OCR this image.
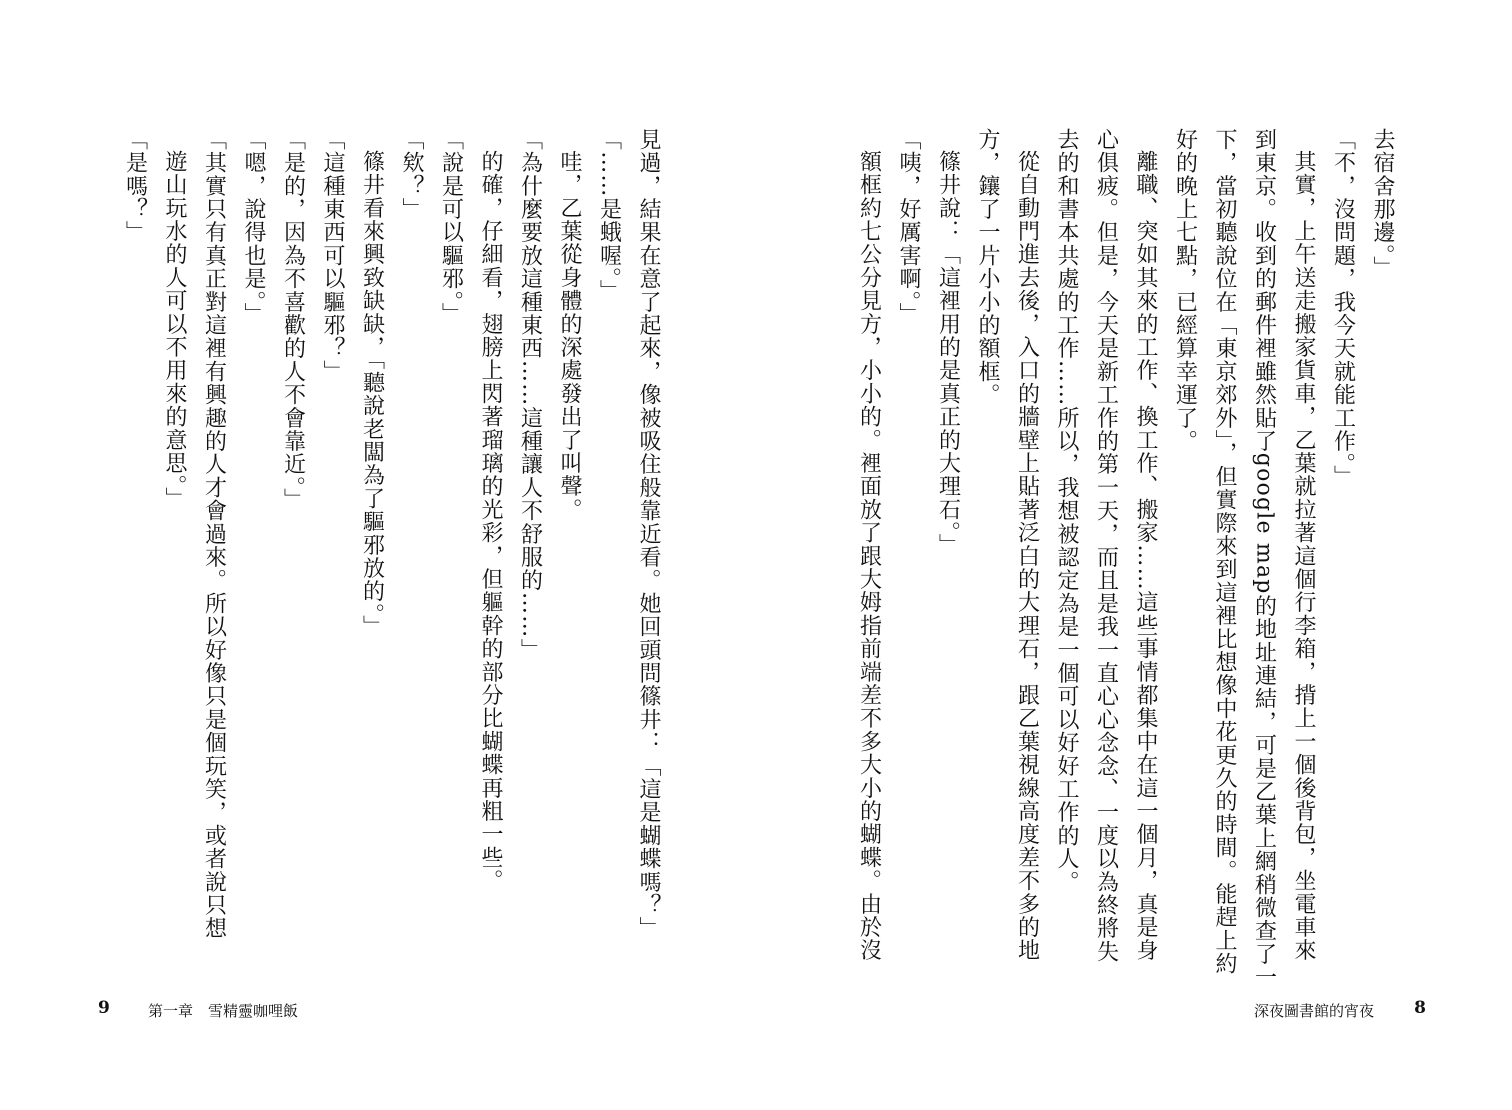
去宿舍那邊。」
「不，沒問題，我今天就能工作。」
其實，上午送走搬家貨車，乙葉就拉著這個行李箱，揹上一個後背包，坐電車來
到東京。收到的郵件裡雖然貼了google map的地址連結，可是乙葉上網稍微查了一
下，當初聽說位在「東京郊外」，但實際來到這裡比想像中花更久的時間。能趕上約
好的晚上七點，已經算幸運了。
離職、突如其來的工作、換工作、搬家……這些事情都集中在這一個月，真是身
心俱疲。但是，今天是新工作的第一天，而且是我一直心心念念、一度以為終將失
去的和書本共處的工作……所以，我想被認定為是一個可以好好工作的人。
從自動門進去後，入口的牆壁上貼著泛白的大理石，跟乙葉視線高度差不多的地
方，鑲了一片小小的額框。
篠井說：「這裡用的是真正的大理石。」
「咦，好厲害啊。」
額框約七公分見方，小小的。裡面放了跟大姆指前端差不多大小的蝴蝶。由於沒
深夜圖書館的宵夜 8
見過，結果在意了起來，像被吸住般靠近看。她回頭問篠井：「這是蝴蝶嗎？」
「……是蛾喔。」
哇，乙葉從身體的深處發出了叫聲。
「為什麼要放這種東西……這種讓人不舒服的……」
的確，仔細看，翅膀上閃著瑠璃的光彩，但軀幹的部分比蝴蝶再粗一些。
「說是可以驅邪。」
「欸？」
篠井看來興致缺缺，「聽說老闆為了驅邪放的。」
「這種東西可以驅邪？」
「是的，因為不喜歡的人不會靠近。」
「嗯，說得也是。」
「其實只有真正對這裡有興趣的人才會過來。所以好像只是個玩笑，或者說只想
遊山玩水的人可以不用來的意思。」
「是嗎？」
9	第一章　雪精靈咖哩飯
